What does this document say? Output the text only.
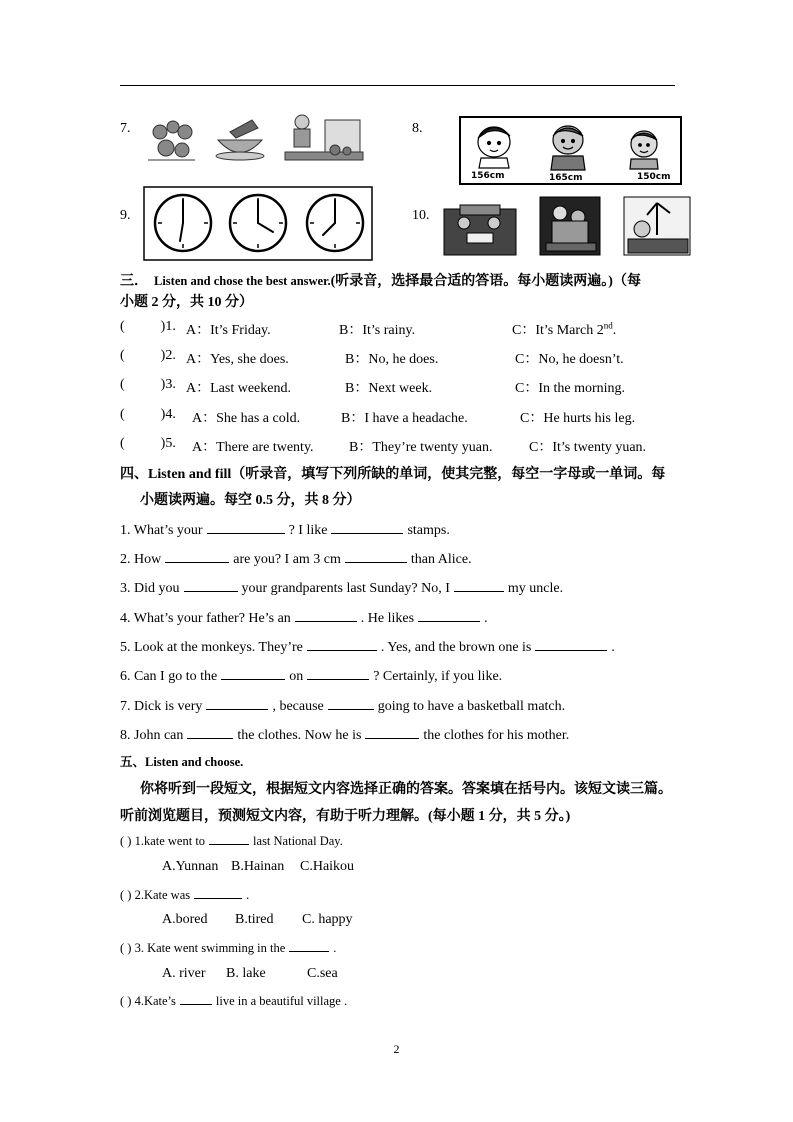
7.	8.
156cm	165cm	150cm
9.	10.
三． Listen and chose the best answer.(听录音，选择最合适的答语。每小题读两遍。)（每
小题 2 分，共 10 分）
(	)1. A：It’s Friday.	B：It’s rainy.	C：It’s March 2nd.
(	)2. A：Yes, she does.	B：No, he does.	C：No, he doesn’t.
(	)3. A：Last weekend.	B：Next week.	C：In the morning.
(	)4. A：She has a cold.	B：I have a headache.	C：He hurts his leg.
(	)5. A：There are twenty.	B：They’re twenty yuan.	C：It’s twenty yuan.
四、Listen and fill（听录音，填写下列所缺的单词，使其完整，每空一字母或一单词。每
小题读两遍。每空 0.5 分，共 8 分）
1. What’s your	? I like	stamps.
2. How	are you? I am 3 cm	than Alice.
3. Did you	your grandparents last Sunday? No, I	my uncle.
4. What’s your father? He’s an	. He likes	.
5. Look at the monkeys. They’re	. Yes, and the brown one is	.
6. Can I go to the	on	? Certainly, if you like.
7. Dick is very	, because	going to have a basketball match.
8. John can	the clothes. Now he is	the clothes for his mother.
五、Listen and choose.
你将听到一段短文，根据短文内容选择正确的答案。答案填在括号内。该短文读三篇。
听前浏览题目，预测短文内容，有助于听力理解。(每小题 1 分，共 5 分。)
( ) 1.kate went to	last National Day.
A.Yunnan B.Hainan C.Haikou
( ) 2.Kate was	.
A.bored B.tired C. happy
( ) 3. Kate went swimming in the	.
A. river B. lake	C.sea
( ) 4.Kate’s	live in a beautiful village .
2
